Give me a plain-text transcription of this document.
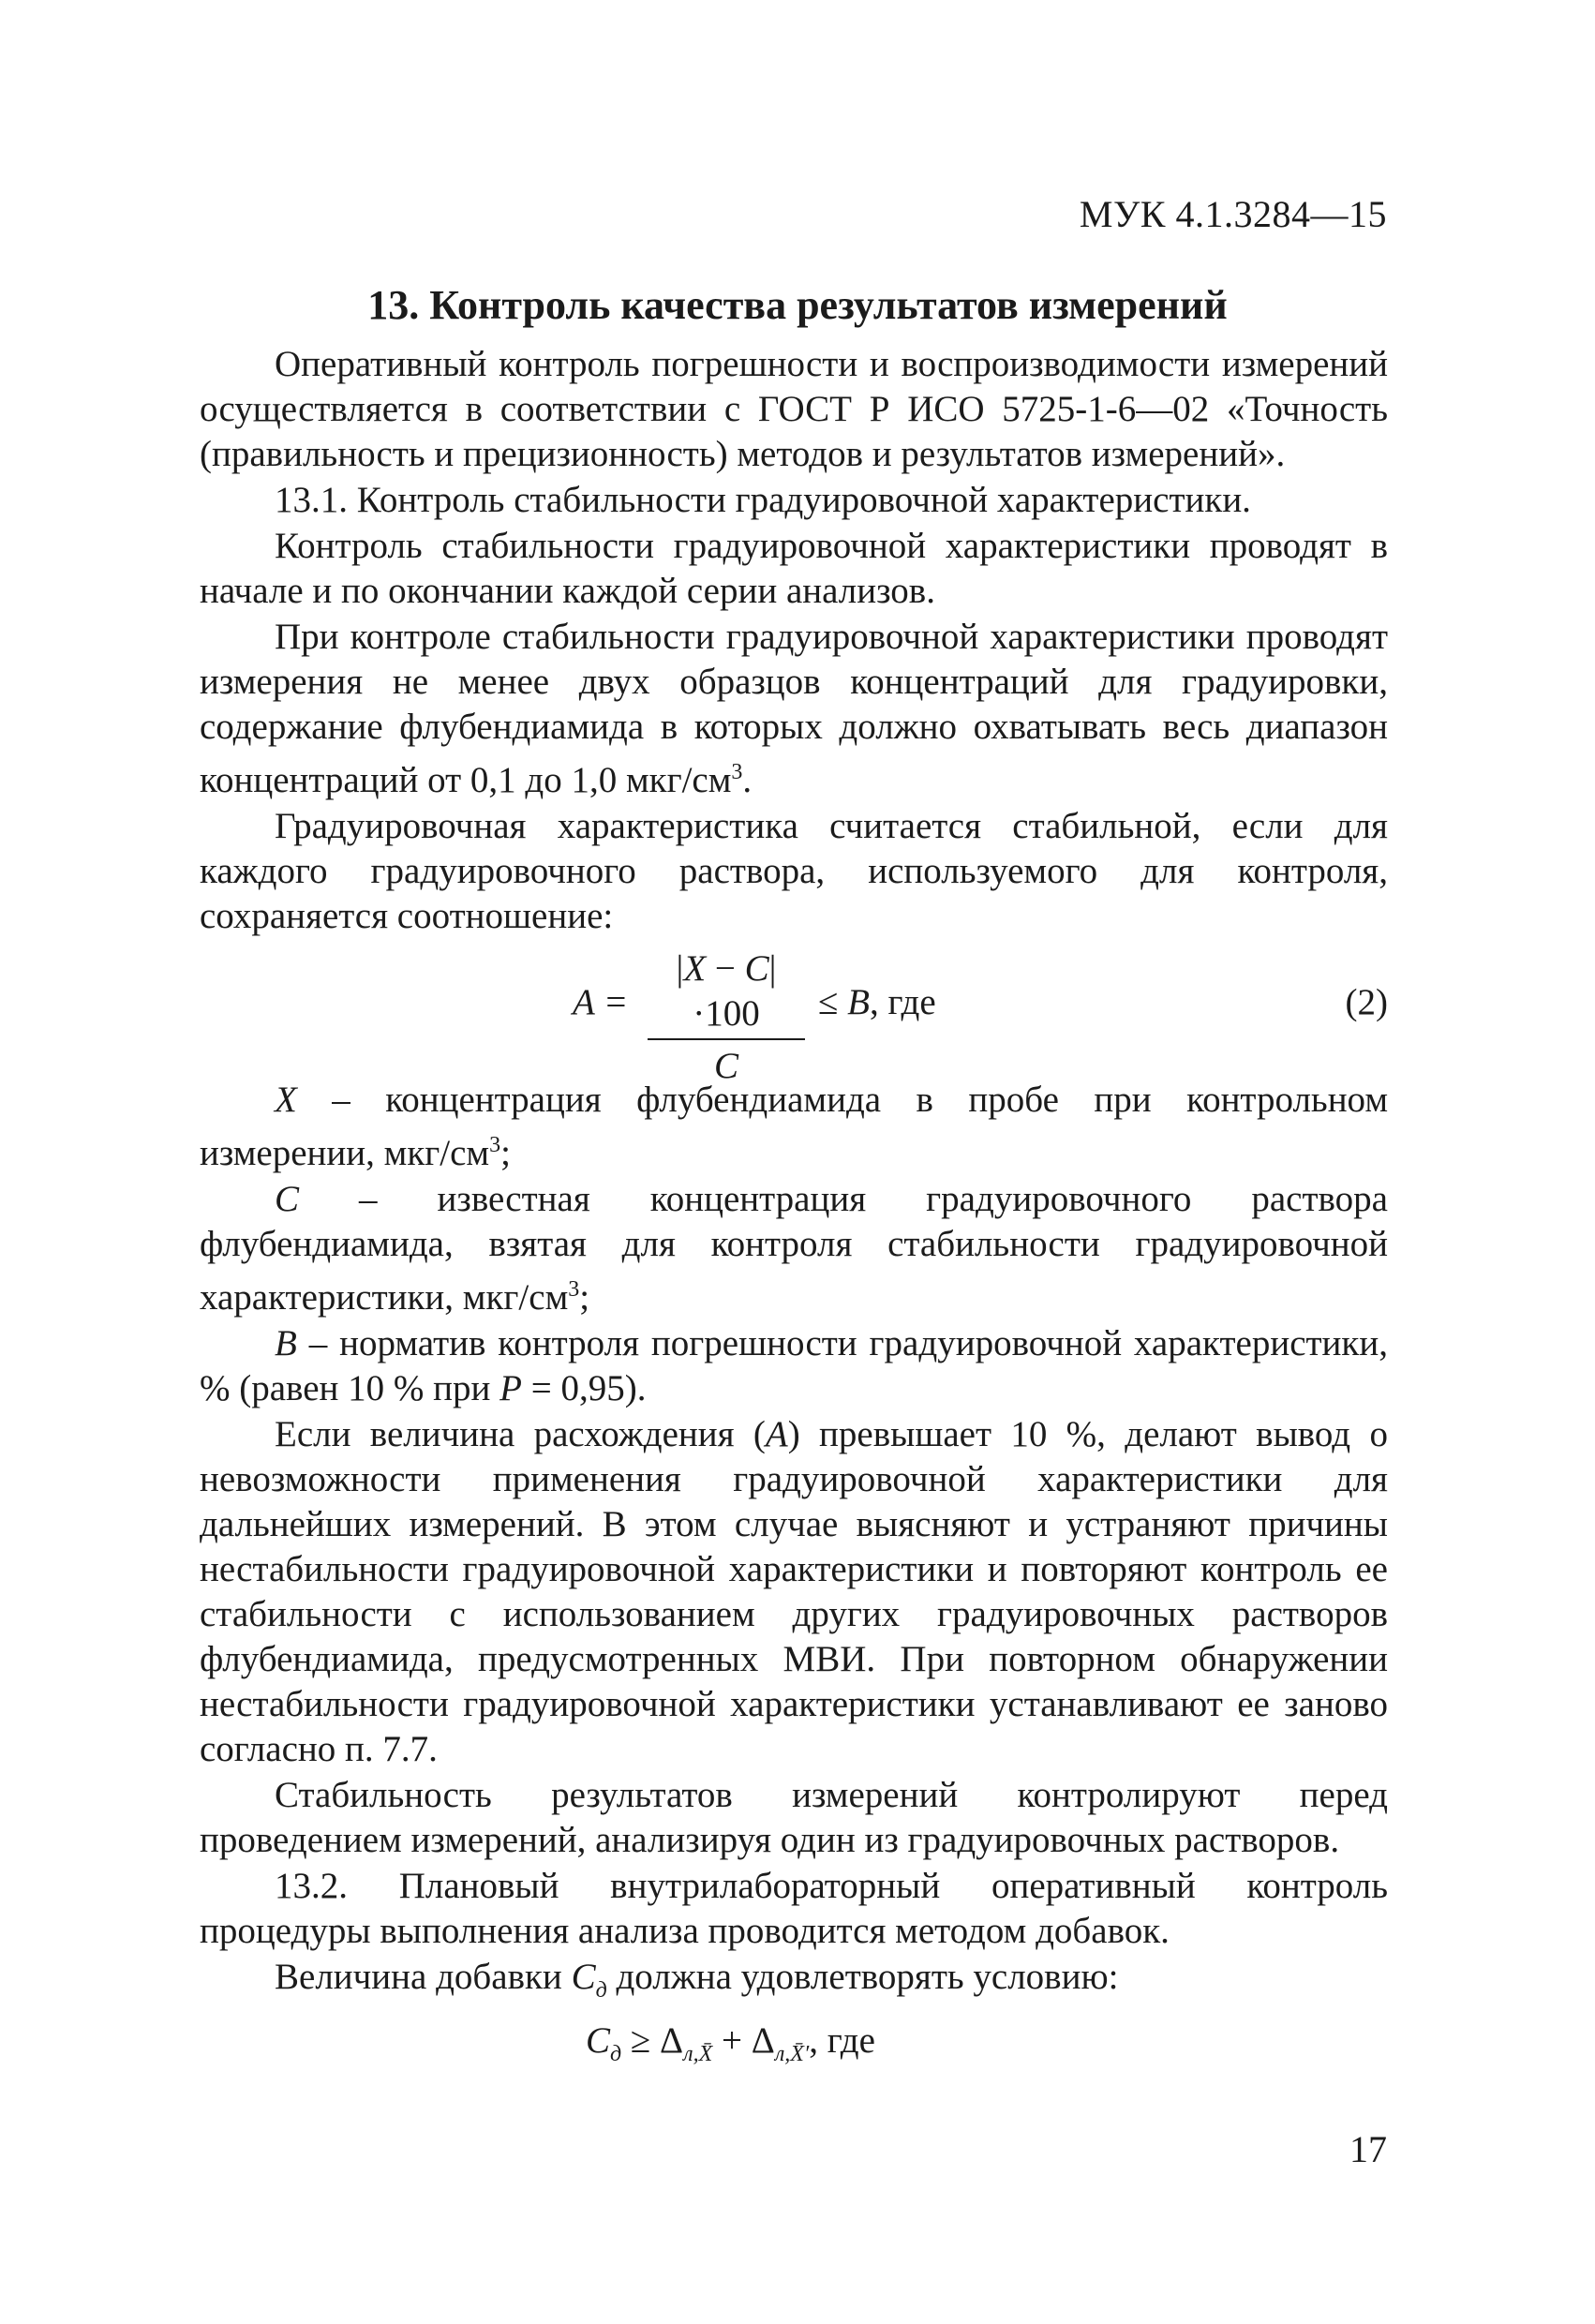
МУК 4.1.3284—15
13. Контроль качества результатов измерений

Оперативный контроль погрешности и воспроизводимости измерений осуществляется в соответствии с ГОСТ Р ИСО 5725-1-6—02 «Точность (правильность и прецизионность) методов и результатов измерений».

13.1. Контроль стабильности градуировочной характеристики.

Контроль стабильности градуировочной характеристики проводят в начале и по окончании каждой серии анализов.

При контроле стабильности градуировочной характеристики проводят измерения не менее двух образцов концентраций для градуировки, содержание флубендиамида в которых должно охватывать весь диапазон концентраций от 0,1 до 1,0 мкг/$см^3$.

Градуировочная характеристика считается стабильной, если для каждого градуировочного раствора, используемого для контроля, сохраняется соотношение:

$A = \frac{|X - C|\cdot 100}{C} \le B$, где	(2)

X – концентрация флубендиамида в пробе при контрольном измерении, мкг/$см^3$;

C – известная концентрация градуировочного раствора флубендиамида, взятая для контроля стабильности градуировочной характеристики, мкг/$см^3$;

B – норматив контроля погрешности градуировочной характеристики, % (равен 10 % при P = 0,95).

Если величина расхождения (A) превышает 10 %, делают вывод о невозможности применения градуировочной характеристики для дальнейших измерений. В этом случае выясняют и устраняют причины нестабильности градуировочной характеристики и повторяют контроль ее стабильности с использованием других градуировочных растворов флубендиамида, предусмотренных МВИ. При повторном обнаружении нестабильности градуировочной характеристики устанавливают ее заново согласно п. 7.7.

Стабильность результатов измерений контролируют перед проведением измерений, анализируя один из градуировочных растворов.

13.2. Плановый внутрилабораторный оперативный контроль процедуры выполнения анализа проводится методом добавок.

Величина добавки $C_д$ должна удовлетворять условию:

$C_д \ge \Delta_{л,X̄} + \Delta_{л,X̄'}$, где
17
